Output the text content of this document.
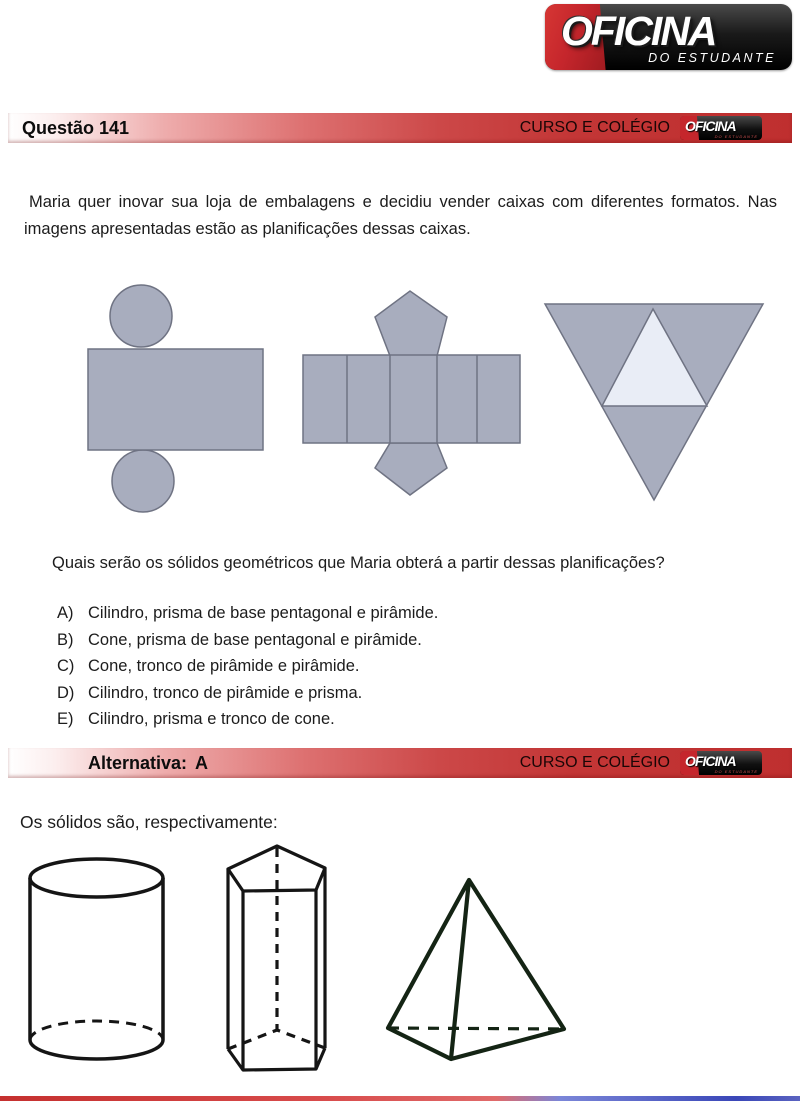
OFICINA
DO ESTUDANTE
Questão 141	CURSO E COLÉGIO OFICINA
DO ESTUDANTE

Maria quer inovar sua loja de embalagens e decidiu vender caixas com diferentes formatos. Nas imagens apresentadas estão as planificações dessas caixas.

Quais serão os sólidos geométricos que Maria obterá a partir dessas planificações?

A) Cilindro, prisma de base pentagonal e pirâmide.
B) Cone, prisma de base pentagonal e pirâmide.
C) Cone, tronco de pirâmide e pirâmide.
D) Cilindro, tronco de pirâmide e prisma.
E) Cilindro, prisma e tronco de cone.
Alternativa: A	CURSO E COLÉGIO OFICINA
DO ESTUDANTE

Os sólidos são, respectivamente:
